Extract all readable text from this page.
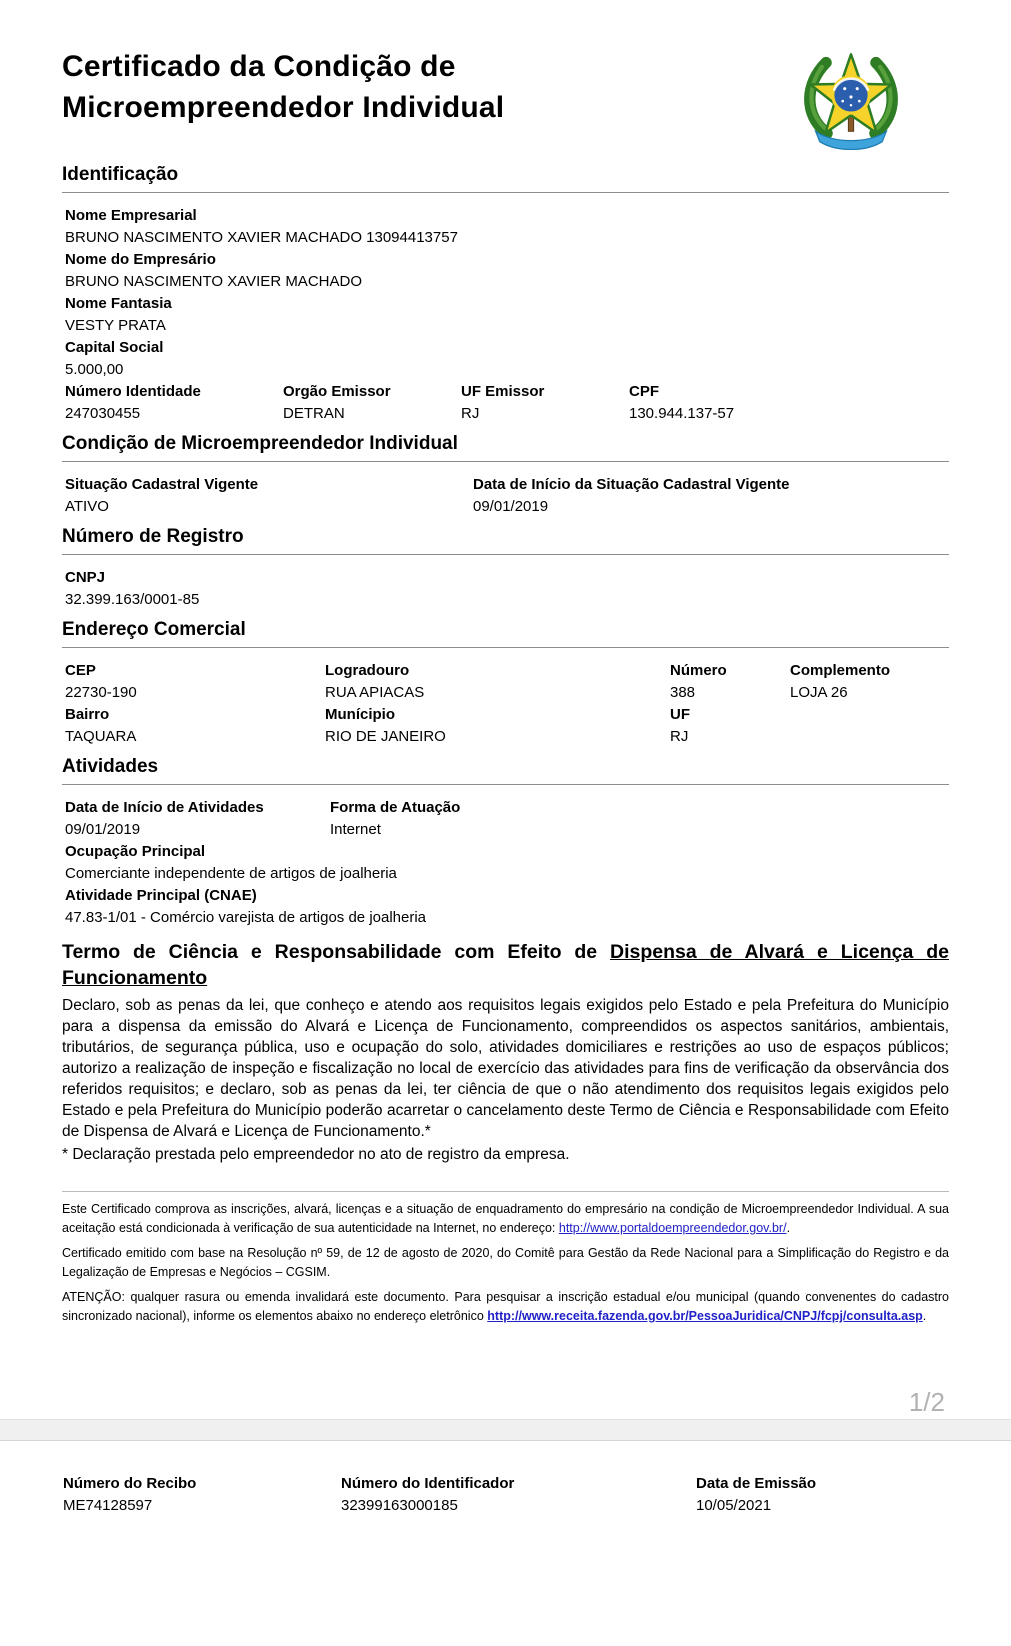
Certificado da Condição de
Microempreendedor Individual
Identificação
Nome Empresarial
BRUNO NASCIMENTO XAVIER MACHADO 13094413757
Nome do Empresário
BRUNO NASCIMENTO XAVIER MACHADO
Nome Fantasia
VESTY PRATA
Capital Social
5.000,00
Número Identidade	Orgão Emissor	UF Emissor	CPF
247030455	DETRAN	RJ	130.944.137-57
Condição de Microempreendedor Individual
Situação Cadastral Vigente	Data de Início da Situação Cadastral Vigente
ATIVO	09/01/2019
Número de Registro
CNPJ
32.399.163/0001-85
Endereço Comercial
CEP	Logradouro	Número	Complemento
22730-190	RUA APIACAS	388	LOJA 26
Bairro	Munícipio	UF
TAQUARA	RIO DE JANEIRO	RJ
Atividades
Data de Início de Atividades	Forma de Atuação
09/01/2019	Internet
Ocupação Principal
Comerciante independente de artigos de joalheria
Atividade Principal (CNAE)
47.83-1/01 - Comércio varejista de artigos de joalheria
Termo de Ciência e Responsabilidade com Efeito de Dispensa de Alvará e Licença de Funcionamento

Declaro, sob as penas da lei, que conheço e atendo aos requisitos legais exigidos pelo Estado e pela Prefeitura do Município para a dispensa da emissão do Alvará e Licença de Funcionamento, compreendidos os aspectos sanitários, ambientais, tributários, de segurança pública, uso e ocupação do solo, atividades domiciliares e restrições ao uso de espaços públicos; autorizo a realização de inspeção e fiscalização no local de exercício das atividades para fins de verificação da observância dos referidos requisitos; e declaro, sob as penas da lei, ter ciência de que o não atendimento dos requisitos legais exigidos pelo Estado e pela Prefeitura do Município poderão acarretar o cancelamento deste Termo de Ciência e Responsabilidade com Efeito de Dispensa de Alvará e Licença de Funcionamento.*

* Declaração prestada pelo empreendedor no ato de registro da empresa.

Este Certificado comprova as inscrições, alvará, licenças e a situação de enquadramento do empresário na condição de Microempreendedor Individual. A sua aceitação está condicionada à verificação de sua autenticidade na Internet, no endereço: http://www.portaldoempreendedor.gov.br/.

Certificado emitido com base na Resolução nº 59, de 12 de agosto de 2020, do Comitê para Gestão da Rede Nacional para a Simplificação do Registro e da Legalização de Empresas e Negócios – CGSIM.

ATENÇÃO: qualquer rasura ou emenda invalidará este documento. Para pesquisar a inscrição estadual e/ou municipal (quando convenentes do cadastro sincronizado nacional), informe os elementos abaixo no endereço eletrônico http://www.receita.fazenda.gov.br/PessoaJuridica/CNPJ/fcpj/consulta.asp.

1/2
Número do Recibo	Número do Identificador	Data de Emissão
ME74128597	32399163000185	10/05/2021
